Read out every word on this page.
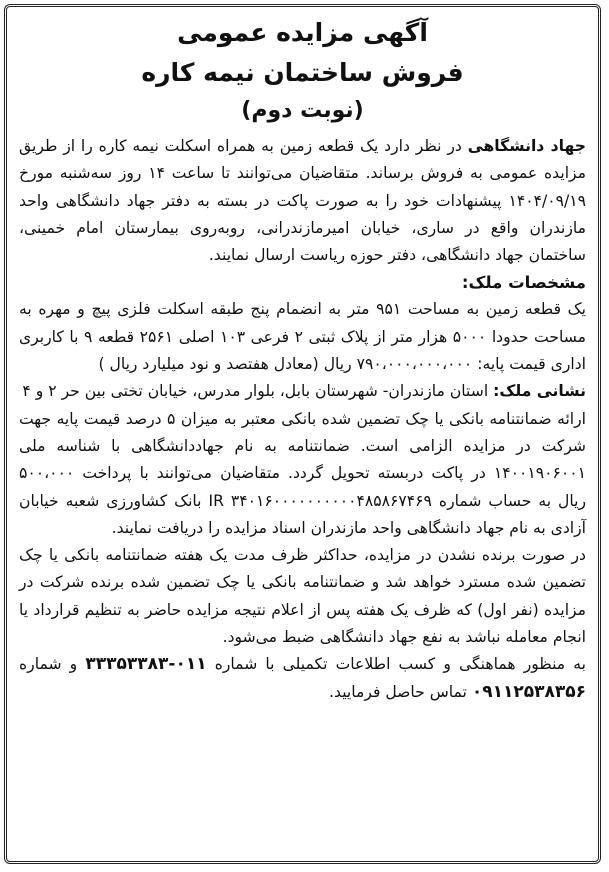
آگهی مزایده عمومی
فروش ساختمان نیمه کاره
(نوبت دوم)

جهاد دانشگاهی در نظر دارد یک قطعه زمین به همراه اسکلت نیمه کاره را از طریق مزایده عمومی به فروش برساند. متقاضیان می‌توانند تا ساعت ۱۴ روز سه‌شنبه مورخ ۱۴۰۴/۰۹/۱۹ پیشنهادات خود را به صورت پاکت در بسته به دفتر جهاد دانشگاهی واحد مازندران واقع در ساری، خیابان امیرمازندرانی، روبه‌روی بیمارستان امام خمینی، ساختمان جهاد دانشگاهی، دفتر حوزه ریاست ارسال نمایند.

مشخصات ملک:

یک قطعه زمین به مساحت ۹۵۱ متر به انضمام پنج طبقه اسکلت فلزی پیچ و مهره به مساحت حدودا ۵۰۰۰ هزار متر از پلاک ثبتی ۲ فرعی ۱۰۳ اصلی ۲۵۶۱ قطعه ۹ با کاربری اداری قیمت پایه: ۷۹۰،۰۰۰،۰۰۰،۰۰۰ ریال (معادل هفتصد و نود میلیارد ریال )

نشانی ملک: استان مازندران- شهرستان بابل، بلوار مدرس، خیابان تختی بین حر ۲ و ۴

ارائه ضمانتنامه بانکی یا چک تضمین شده بانکی معتبر به میزان ۵ درصد قیمت پایه جهت شرکت در مزایده الزامی است. ضمانتنامه به نام جهاددانشگاهی با شناسه ملی ۱۴۰۰۱۹۰۶۰۰۱ در پاکت دربسته تحویل گردد. متقاضیان می‌توانند با پرداخت ۵۰۰،۰۰۰ ریال به حساب شماره IR ۳۴۰۱۶۰۰۰۰۰۰۰۰۰۰۴۸۵۸۶۷۴۶۹ بانک کشاورزی شعبه خیابان آزادی به نام جهاد دانشگاهی واحد مازندران اسناد مزایده را دریافت نمایند.

در صورت برنده نشدن در مزایده، حداکثر ظرف مدت یک هفته ضمانتنامه بانکی یا چک تضمین شده مسترد خواهد شد و ضمانتنامه بانکی یا چک تضمین شده برنده شرکت در مزایده (نفر اول) که ظرف یک هفته پس از اعلام نتیجه مزایده حاضر به تنظیم قرارداد یا انجام معامله نباشد به نفع جهاد دانشگاهی ضبط می‌شود.

به منظور هماهنگی و کسب اطلاعات تکمیلی با شماره ۰۱۱-۳۳۳۵۳۳۸۳ و شماره ۰۹۱۱۲۵۳۸۳۵۶ تماس حاصل فرمایید.
